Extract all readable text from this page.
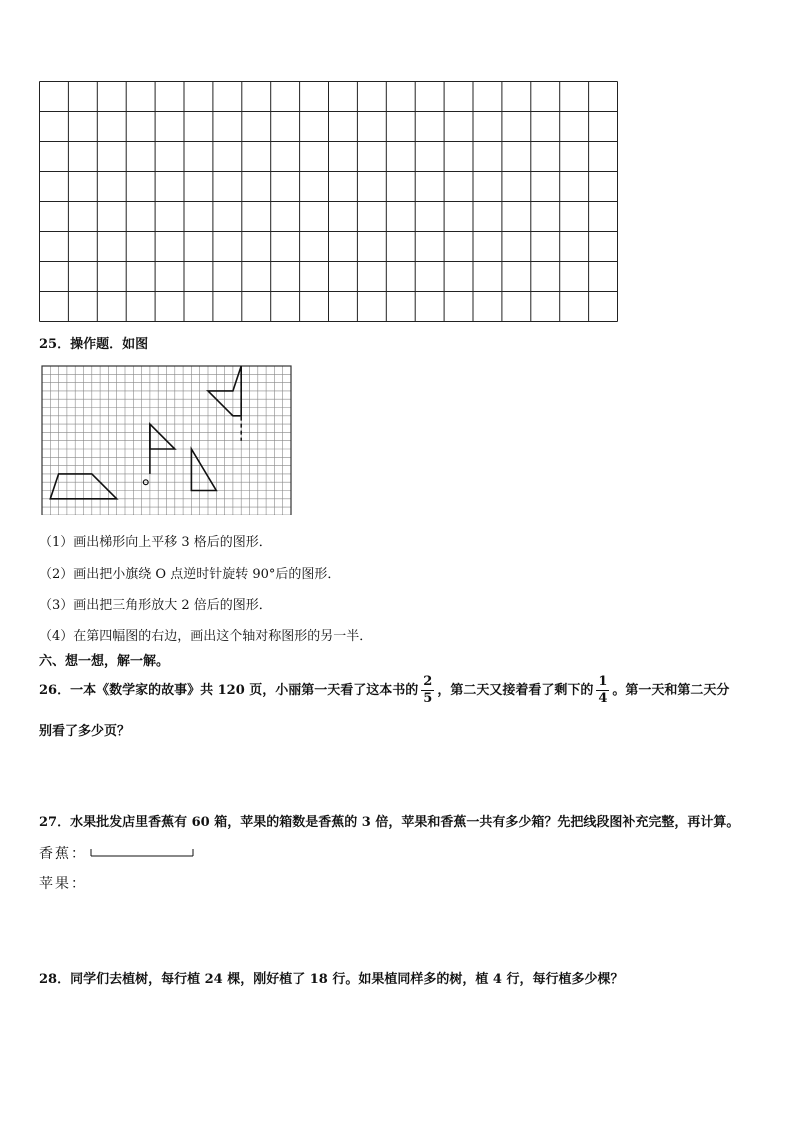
25．操作题．如图
（1）画出梯形向上平移 3 格后的图形．
（2）画出把小旗绕 O 点逆时针旋转 90°后的图形．
（3）画出把三角形放大 2 倍后的图形．
（4）在第四幅图的右边，画出这个轴对称图形的另一半．
六、想一想，解一解。
26．一本《数学家的故事》共 120 页，小丽第一天看了这本书的 $\frac{2}{5}$ ，第二天又接着看了剩下的 $\frac{1}{4}$ 。第一天和第二天分
别看了多少页？
27．水果批发店里香蕉有 60 箱，苹果的箱数是香蕉的 3 倍，苹果和香蕉一共有多少箱？先把线段图补充完整，再计算。
香蕉：
苹果：
28．同学们去植树，每行植 24 棵，刚好植了 18 行。如果植同样多的树，植 4 行，每行植多少棵？
